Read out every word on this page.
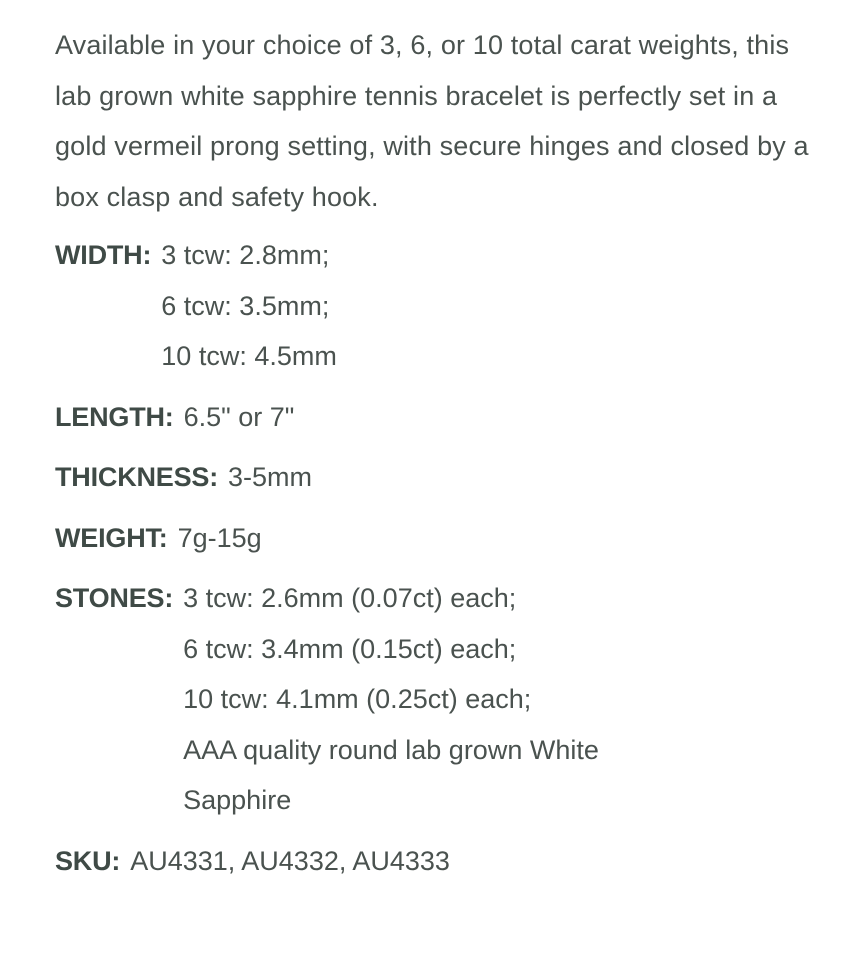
Available in your choice of 3, 6, or 10 total carat weights, this lab grown white sapphire tennis bracelet is perfectly set in a gold vermeil prong setting, with secure hinges and closed by a box clasp and safety hook.

WIDTH: 3 tcw: 2.8mm;
6 tcw: 3.5mm;
10 tcw: 4.5mm
LENGTH: 6.5" or 7"
THICKNESS: 3-5mm
WEIGHT: 7g-15g
STONES: 3 tcw: 2.6mm (0.07ct) each;
6 tcw: 3.4mm (0.15ct) each;
10 tcw: 4.1mm (0.25ct) each;
AAA quality round lab grown White Sapphire
SKU: AU4331, AU4332, AU4333
